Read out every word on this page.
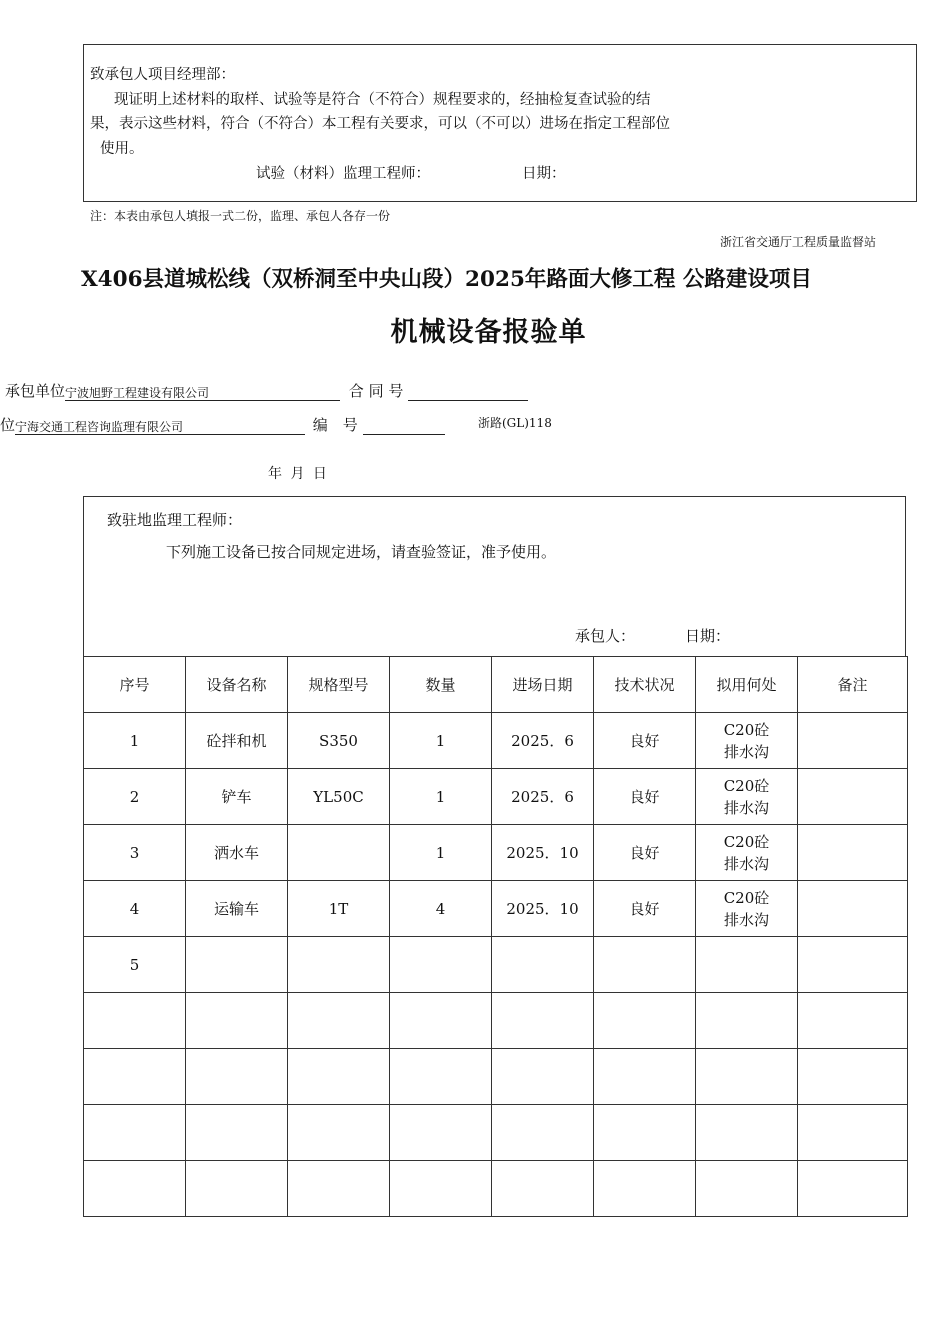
致承包人项目经理部：
现证明上述材料的取样、试验等是符合（不符合）规程要求的，经抽检复查试验的结
果，表示这些材料，符合（不符合）本工程有关要求，可以（不可以）进场在指定工程部位
使用。
试验（材料）监理工程师：	日期：
注：本表由承包人填报一式二份，监理、承包人各存一份
浙江省交通厅工程质量监督站
X406县道城松线（双桥洞至中央山段）2025年路面大修工程 公路建设项目
机械设备报验单
承包单位宁波旭野工程建设有限公司	合 同 号
位宁海交通工程咨询监理有限公司	编　号	浙路(GL)118
年 月 日
致驻地监理工程师：
下列施工设备已按合同规定进场，请查验签证，准予使用。
承包人：	日期：
序号	设备名称	规格型号	数量	进场日期	技术状况	拟用何处	备注
1	砼拌和机	S350	1	2025．6	良好	C20砼
排水沟	
2	铲车	YL50C	1	2025．6	良好	C20砼
排水沟	
3	洒水车		1	2025．10	良好	C20砼
排水沟	
4	运输车	1T	4	2025．10	良好	C20砼
排水沟	
5							
